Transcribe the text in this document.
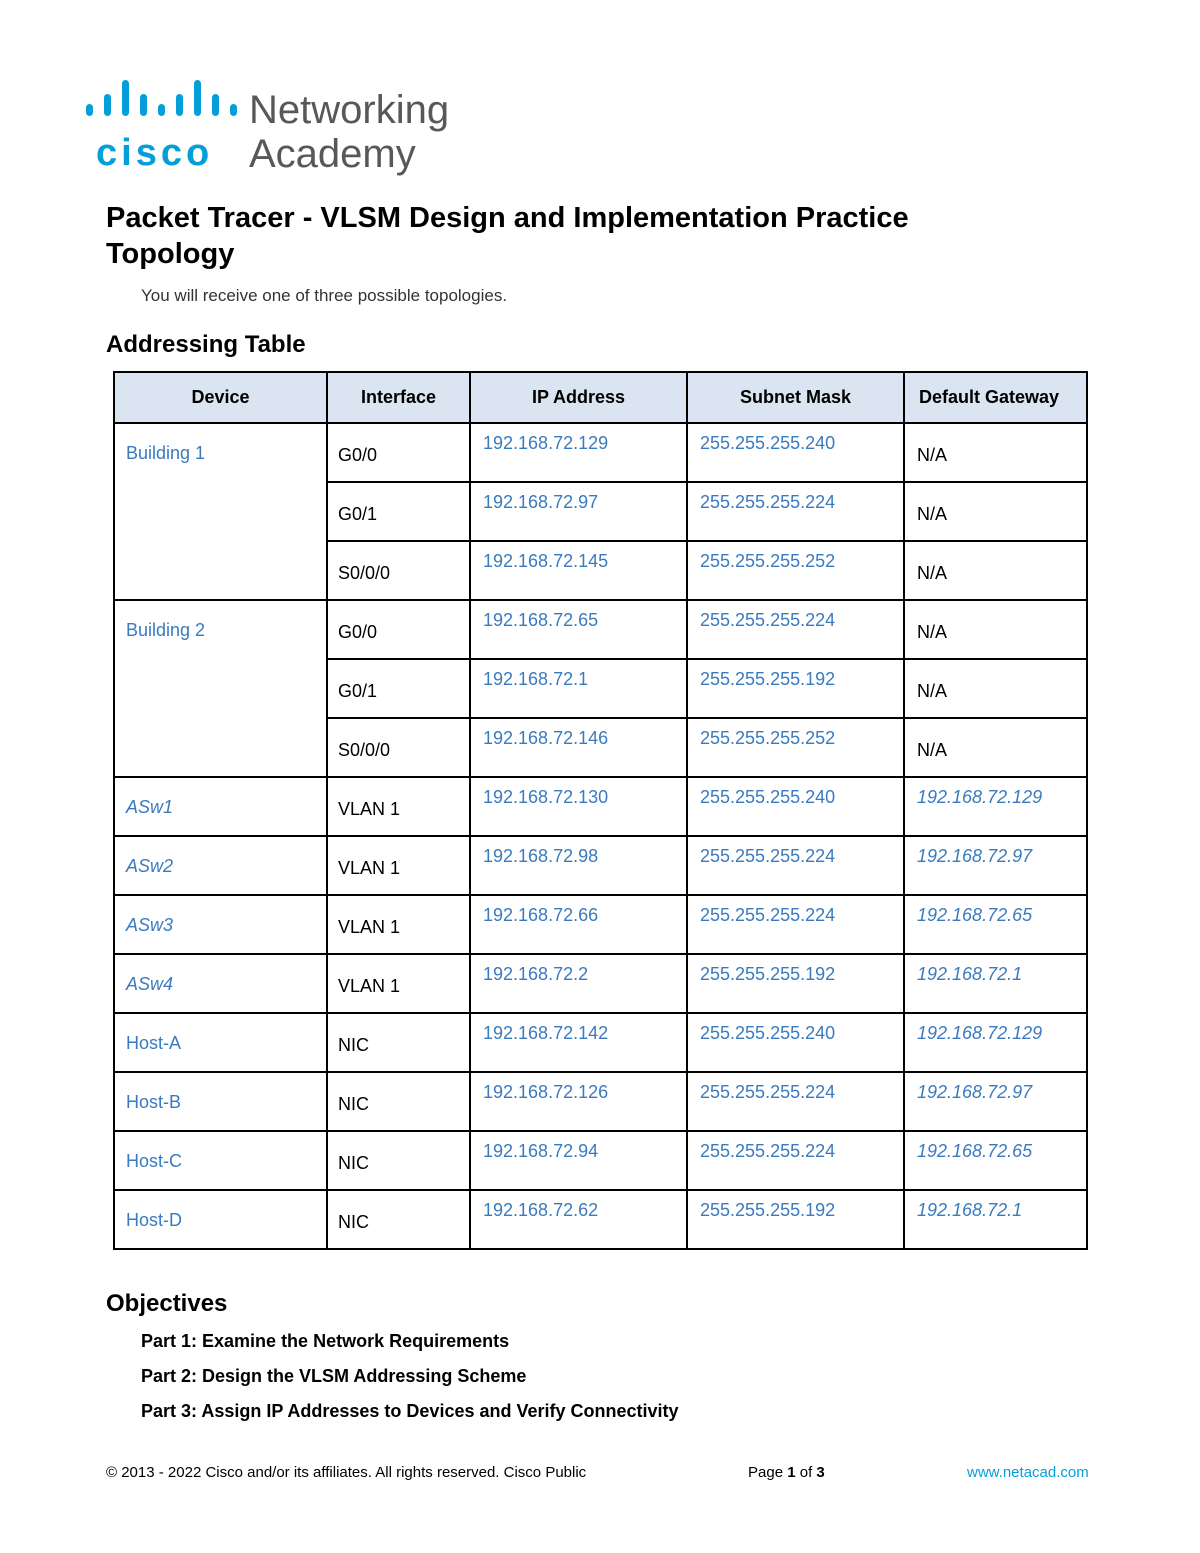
cisco
Networking
Academy
Packet Tracer - VLSM Design and Implementation Practice
Topology

You will receive one of three possible topologies.

Addressing Table
Device	Interface	IP Address	Subnet Mask	Default Gateway

Building 1	G0/0	192.168.72.129	255.255.255.240	N/A

	G0/1	192.168.72.97	255.255.255.224	N/A

	S0/0/0	192.168.72.145	255.255.255.252	N/A

Building 2	G0/0	192.168.72.65	255.255.255.224	N/A

	G0/1	192.168.72.1	255.255.255.192	N/A

	S0/0/0	192.168.72.146	255.255.255.252	N/A

ASw1	VLAN 1	192.168.72.130	255.255.255.240	192.168.72.129

ASw2	VLAN 1	192.168.72.98	255.255.255.224	192.168.72.97

ASw3	VLAN 1	192.168.72.66	255.255.255.224	192.168.72.65

ASw4	VLAN 1	192.168.72.2	255.255.255.192	192.168.72.1

Host-A	NIC	192.168.72.142	255.255.255.240	192.168.72.129

Host-B	NIC	192.168.72.126	255.255.255.224	192.168.72.97

Host-C	NIC	192.168.72.94	255.255.255.224	192.168.72.65

Host-D	NIC	192.168.72.62	255.255.255.192	192.168.72.1
Objectives
Part 1: Examine the Network Requirements
Part 2: Design the VLSM Addressing Scheme
Part 3: Assign IP Addresses to Devices and Verify Connectivity
© 2013 - 2022 Cisco and/or its affiliates. All rights reserved. Cisco Public	Page 1 of 3	www.netacad.com
